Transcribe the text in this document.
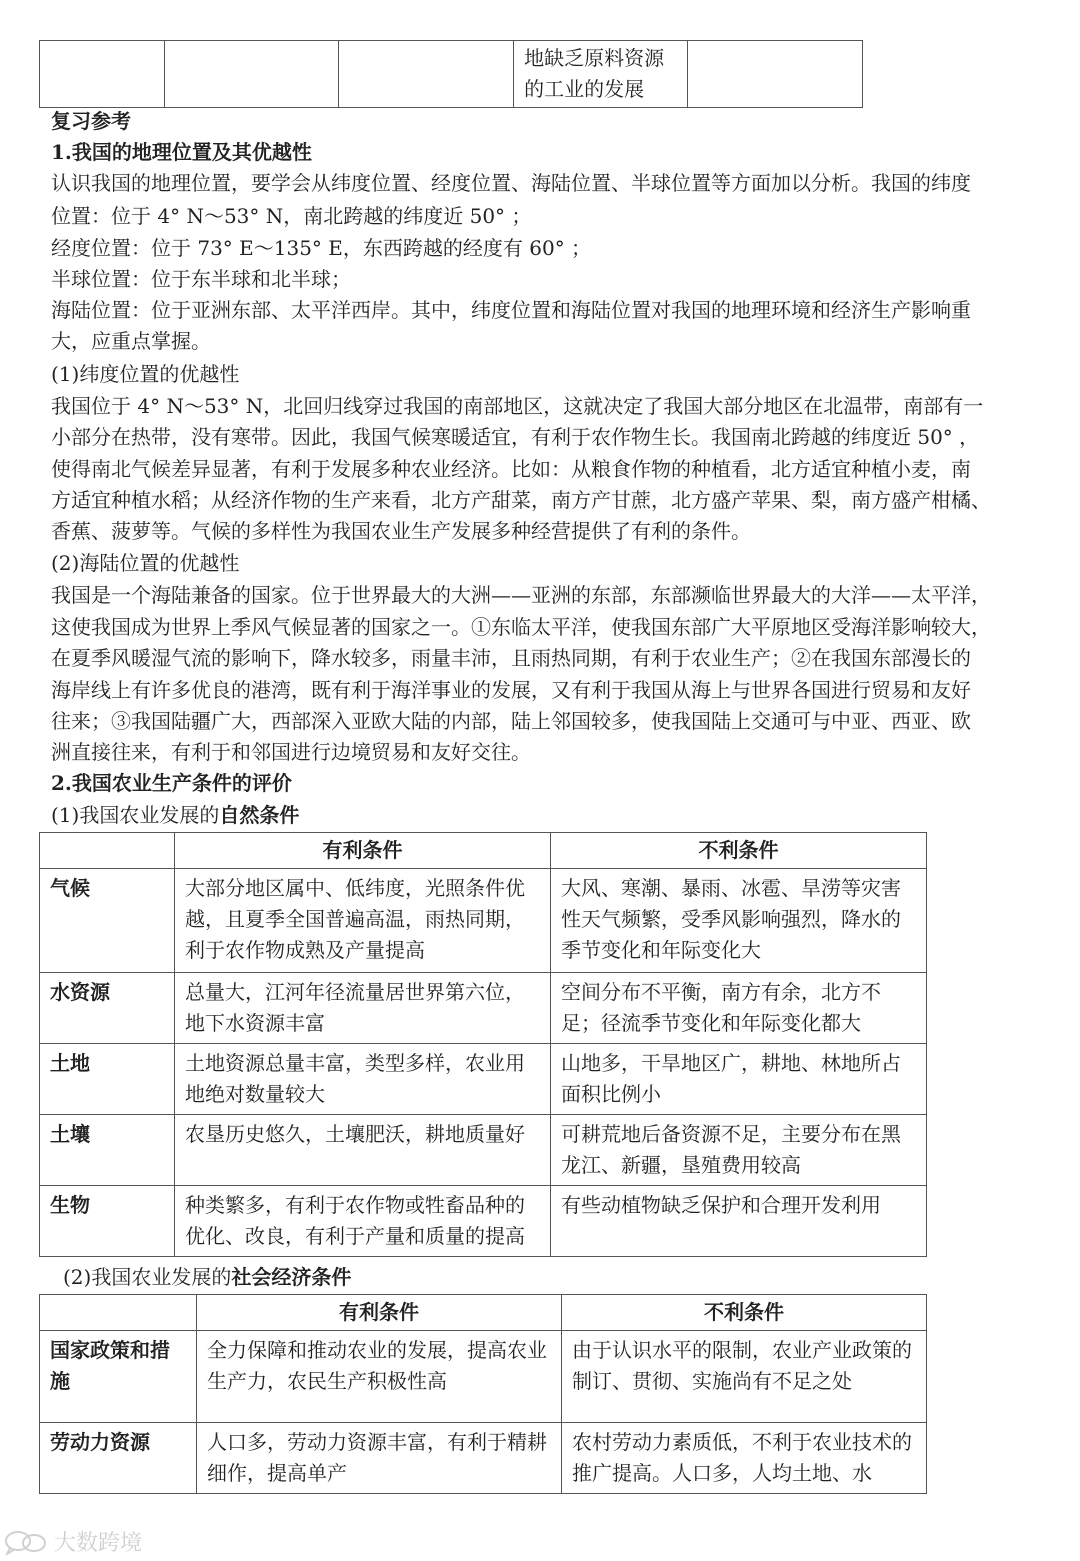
			地缺乏原料资源
的工业的发展	
复习参考
1.我国的地理位置及其优越性
认识我国的地理位置，要学会从纬度位置、经度位置、海陆位置、半球位置等方面加以分析。我国的纬度
位置：位于 4° N～53° N，南北跨越的纬度近 50° ；
经度位置：位于 73° E～135° E，东西跨越的经度有 60° ；
半球位置：位于东半球和北半球；
海陆位置：位于亚洲东部、太平洋西岸。其中，纬度位置和海陆位置对我国的地理环境和经济生产影响重
大，应重点掌握。
(1)纬度位置的优越性
我国位于 4° N～53° N，北回归线穿过我国的南部地区，这就决定了我国大部分地区在北温带，南部有一
小部分在热带，没有寒带。因此，我国气候寒暖适宜，有利于农作物生长。我国南北跨越的纬度近 50° ，
使得南北气候差异显著，有利于发展多种农业经济。比如：从粮食作物的种植看，北方适宜种植小麦，南
方适宜种植水稻；从经济作物的生产来看，北方产甜菜，南方产甘蔗，北方盛产苹果、梨，南方盛产柑橘、
香蕉、菠萝等。气候的多样性为我国农业生产发展多种经营提供了有利的条件。
(2)海陆位置的优越性
我国是一个海陆兼备的国家。位于世界最大的大洲——亚洲的东部，东部濒临世界最大的大洋——太平洋，
这使我国成为世界上季风气候显著的国家之一。①东临太平洋，使我国东部广大平原地区受海洋影响较大，
在夏季风暖湿气流的影响下，降水较多，雨量丰沛，且雨热同期，有利于农业生产；②在我国东部漫长的
海岸线上有许多优良的港湾，既有利于海洋事业的发展，又有利于我国从海上与世界各国进行贸易和友好
往来；③我国陆疆广大，西部深入亚欧大陆的内部，陆上邻国较多，使我国陆上交通可与中亚、西亚、欧
洲直接往来，有利于和邻国进行边境贸易和友好交往。
2.我国农业生产条件的评价
(1)我国农业发展的自然条件
	有利条件	不利条件
气候	大部分地区属中、低纬度，光照条件优越，且夏季全国普遍高温，雨热同期，利于农作物成熟及产量提高	大风、寒潮、暴雨、冰雹、旱涝等灾害性天气频繁，受季风影响强烈，降水的季节变化和年际变化大
水资源	总量大，江河年径流量居世界第六位，地下水资源丰富	空间分布不平衡，南方有余，北方不足；径流季节变化和年际变化都大
土地	土地资源总量丰富，类型多样，农业用地绝对数量较大	山地多，干旱地区广，耕地、林地所占面积比例小
土壤	农垦历史悠久，土壤肥沃，耕地质量好	可耕荒地后备资源不足，主要分布在黑龙江、新疆，垦殖费用较高
生物	种类繁多，有利于农作物或牲畜品种的优化、改良，有利于产量和质量的提高	有些动植物缺乏保护和合理开发利用
(2)我国农业发展的社会经济条件
	有利条件	不利条件
国家政策和措施	全力保障和推动农业的发展，提高农业生产力，农民生产积极性高	由于认识水平的限制，农业产业政策的制订、贯彻、实施尚有不足之处
劳动力资源	人口多，劳动力资源丰富，有利于精耕细作，提高单产	农村劳动力素质低，不利于农业技术的推广提高。人口多，人均土地、水
大数跨境
